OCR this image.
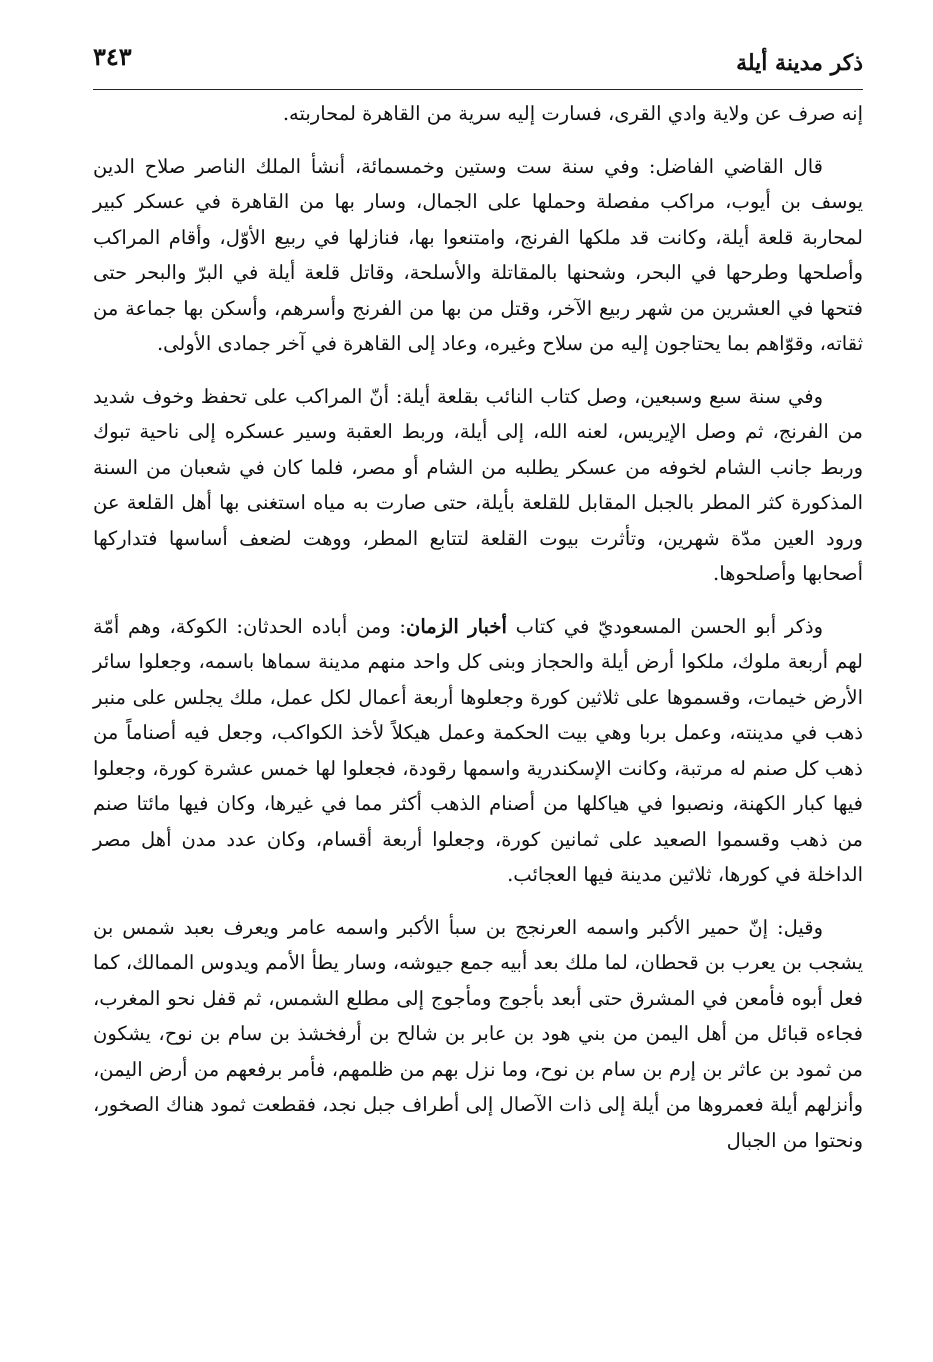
ذكر مدينة أيلة
٣٤٣

إنه صرف عن ولاية وادي القرى، فسارت إليه سرية من القاهرة لمحاربته.

قال القاضي الفاضل: وفي سنة ست وستين وخمسمائة، أنشأ الملك الناصر صلاح الدين يوسف بن أيوب، مراكب مفصلة وحملها على الجمال، وسار بها من القاهرة في عسكر كبير لمحاربة قلعة أيلة، وكانت قد ملكها الفرنج، وامتنعوا بها، فنازلها في ربيع الأوّل، وأقام المراكب وأصلحها وطرحها في البحر، وشحنها بالمقاتلة والأسلحة، وقاتل قلعة أيلة في البرّ والبحر حتى فتحها في العشرين من شهر ربيع الآخر، وقتل من بها من الفرنج وأسرهم، وأسكن بها جماعة من ثقاته، وقوّاهم بما يحتاجون إليه من سلاح وغيره، وعاد إلى القاهرة في آخر جمادى الأولى.

وفي سنة سبع وسبعين، وصل كتاب النائب بقلعة أيلة: أنّ المراكب على تحفظ وخوف شديد من الفرنج، ثم وصل الإيريس، لعنه الله، إلى أيلة، وربط العقبة وسير عسكره إلى ناحية تبوك وربط جانب الشام لخوفه من عسكر يطلبه من الشام أو مصر، فلما كان في شعبان من السنة المذكورة كثر المطر بالجبل المقابل للقلعة بأيلة، حتى صارت به مياه استغنى بها أهل القلعة عن ورود العين مدّة شهرين، وتأثرت بيوت القلعة لتتابع المطر، ووهت لضعف أساسها فتداركها أصحابها وأصلحوها.

وذكر أبو الحسن المسعوديّ في كتاب أخبار الزمان: ومن أباده الحدثان: الكوكة، وهم أمّة لهم أربعة ملوك، ملكوا أرض أيلة والحجاز وبنى كل واحد منهم مدينة سماها باسمه، وجعلوا سائر الأرض خيمات، وقسموها على ثلاثين كورة وجعلوها أربعة أعمال لكل عمل، ملك يجلس على منبر ذهب في مدينته، وعمل بربا وهي بيت الحكمة وعمل هيكلاً لأخذ الكواكب، وجعل فيه أصناماً من ذهب كل صنم له مرتبة، وكانت الإسكندرية واسمها رقودة، فجعلوا لها خمس عشرة كورة، وجعلوا فيها كبار الكهنة، ونصبوا في هياكلها من أصنام الذهب أكثر مما في غيرها، وكان فيها مائتا صنم من ذهب وقسموا الصعيد على ثمانين كورة، وجعلوا أربعة أقسام، وكان عدد مدن أهل مصر الداخلة في كورها، ثلاثين مدينة فيها العجائب.

وقيل: إنّ حمير الأكبر واسمه العرنجج بن سبأ الأكبر واسمه عامر ويعرف بعبد شمس بن يشجب بن يعرب بن قحطان، لما ملك بعد أبيه جمع جيوشه، وسار يطأ الأمم ويدوس الممالك، كما فعل أبوه فأمعن في المشرق حتى أبعد بأجوج ومأجوج إلى مطلع الشمس، ثم قفل نحو المغرب، فجاءه قبائل من أهل اليمن من بني هود بن عابر بن شالح بن أرفخشذ بن سام بن نوح، يشكون من ثمود بن عاثر بن إرم بن سام بن نوح، وما نزل بهم من ظلمهم، فأمر برفعهم من أرض اليمن، وأنزلهم أيلة فعمروها من أيلة إلى ذات الآصال إلى أطراف جبل نجد، فقطعت ثمود هناك الصخور، ونحتوا من الجبال
